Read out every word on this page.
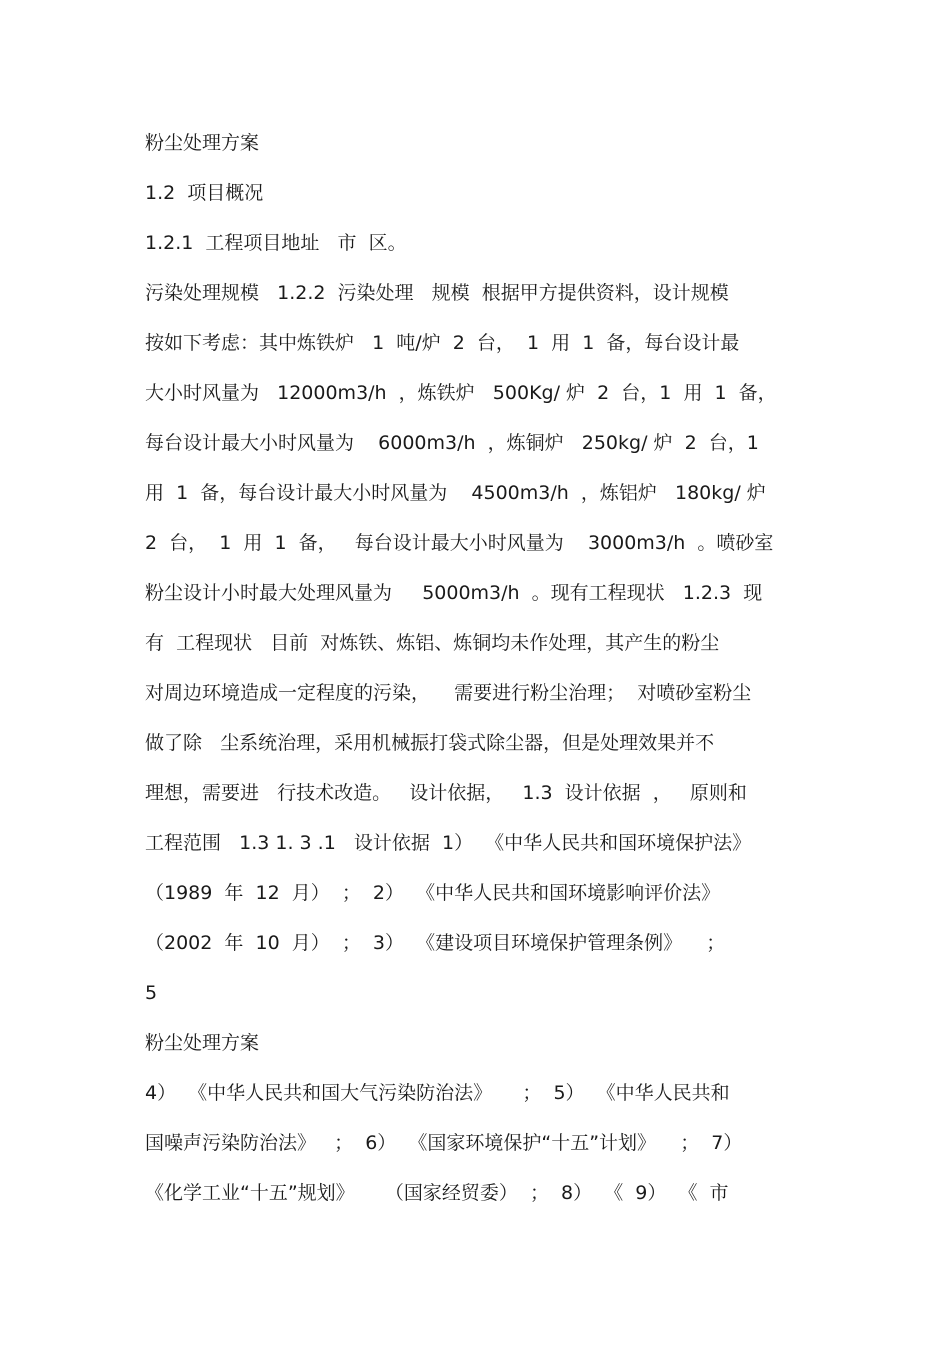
粉尘处理方案
1.2  项目概况
1.2.1  工程项目地址   市  区。
污染处理规模   1.2.2  污染处理   规模  根据甲方提供资料，设计规模
按如下考虑：其中炼铁炉   1  吨/炉  2  台，  1  用  1  备，每台设计最
大小时风量为   12000m3/h  ，炼铁炉   500Kg/ 炉  2  台，1  用  1  备，
每台设计最大小时风量为    6000m3/h  ，炼铜炉   250kg/ 炉  2  台，1
用  1  备，每台设计最大小时风量为    4500m3/h  ，炼铝炉   180kg/ 炉
2  台，  1  用  1  备，   每台设计最大小时风量为    3000m3/h  。喷砂室
粉尘设计小时最大处理风量为     5000m3/h  。现有工程现状   1.2.3  现
有  工程现状   目前  对炼铁、炼铝、炼铜均未作处理，其产生的粉尘
对周边环境造成一定程度的污染，    需要进行粉尘治理；  对喷砂室粉尘
做了除   尘系统治理，采用机械振打袋式除尘器，但是处理效果并不
理想，需要进   行技术改造。   设计依据，   1.3  设计依据  ，   原则和
工程范围   1.3 1. 3 .1   设计依据  1）  《中华人民共和国环境保护法》
（1989  年  12  月）  ；  2）  《中华人民共和国环境影响评价法》
（2002  年  10  月）  ；  3）  《建设项目环境保护管理条例》    ；
5
粉尘处理方案
4）  《中华人民共和国大气污染防治法》     ；  5）  《中华人民共和
国噪声污染防治法》   ；  6）  《国家环境保护“十五”计划》    ；  7）
《化学工业“十五”规划》     （国家经贸委）  ；  8）  《  9）  《  市
